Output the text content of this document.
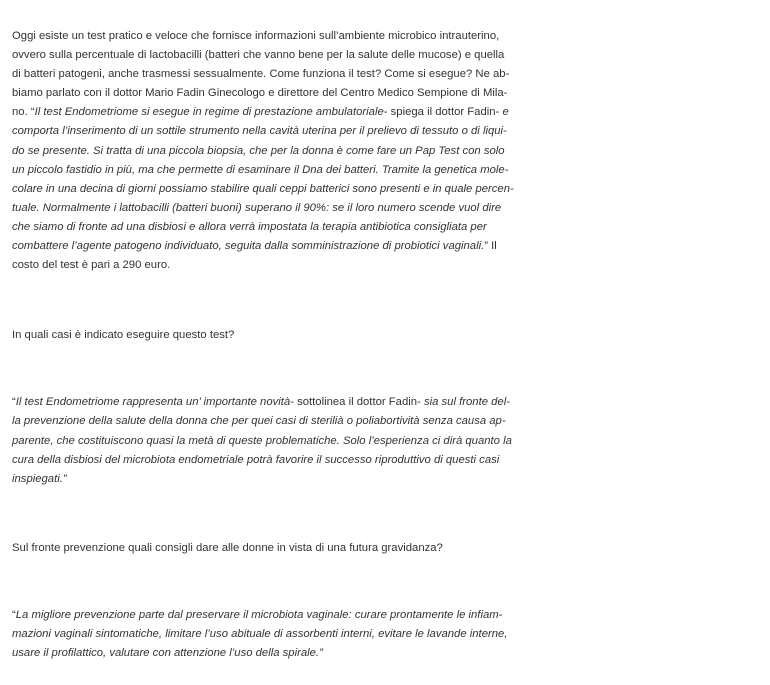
Oggi esiste un test pratico e veloce che fornisce informazioni sull’ambiente microbico intrauterino,
ovvero sulla percentuale di lactobacilli (batteri che vanno bene per la salute delle mucose) e quella
di batteri patogeni, anche trasmessi sessualmente. Come funziona il test? Come si esegue? Ne ab-
biamo parlato con il dottor Mario Fadin Ginecologo e direttore del Centro Medico Sempione di Mila-
no. “Il test Endometriome si esegue in regime di prestazione ambulatoriale- spiega il dottor Fadin- e
comporta l’inserimento di un sottile strumento nella cavità uterina per il prelievo di tessuto o di liqui-
do se presente. Si tratta di una piccola biopsia, che per la donna è come fare un Pap Test con solo
un piccolo fastidio in più, ma che permette di esaminare il Dna dei batteri. Tramite la genetica mole-
colare in una decina di giorni possiamo stabilire quali ceppi batterici sono presenti e in quale percen-
tuale. Normalmente i lattobacilli (batteri buoni) superano il 90%: se il loro numero scende vuol dire
che siamo di fronte ad una disbiosi e allora verrà impostata la terapia antibiotica consigliata per
combattere l’agente patogeno individuato, seguita dalla somministrazione di probiotici vaginali.” Il
costo del test è pari a 290 euro.
In quali casi è indicato eseguire questo test?
“Il test Endometriome rappresenta un’ importante novità- sottolinea il dottor Fadin- sia sul fronte del-
la prevenzione della salute della donna che per quei casi di sterilià o poliabortività senza causa ap-
parente, che costituiscono quasi la metà di queste problematiche. Solo l’esperienza ci dirà quanto la
cura della disbiosi del microbiota endometriale potrà favorire il successo riproduttivo di questi casi
inspiegati.”
Sul fronte prevenzione quali consigli dare alle donne in vista di una futura gravidanza?
“La migliore prevenzione parte dal preservare il microbiota vaginale: curare prontamente le infiam-
mazioni vaginali sintomatiche, limitare l’uso abituale di assorbenti interni, evitare le lavande interne,
usare il profilattico, valutare con attenzione l’uso della spirale.”
